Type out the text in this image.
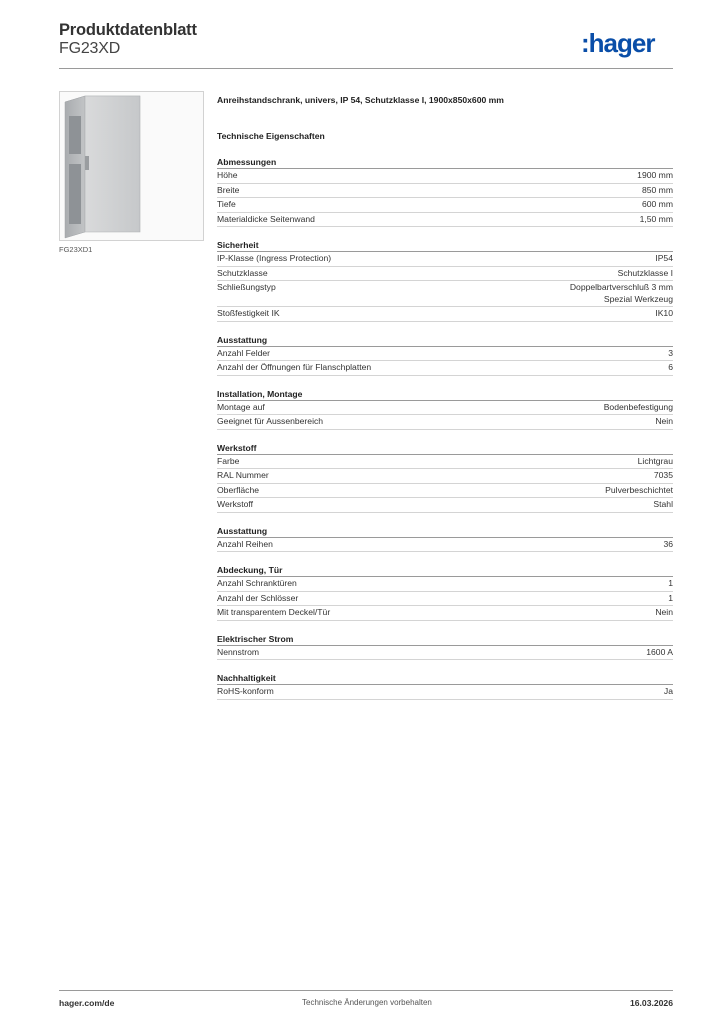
Produktdatenblatt
FG23XD	:hager
FG23XD1
Anreihstandschrank, univers, IP 54, Schutzklasse I, 1900x850x600 mm
Technische Eigenschaften
Abmessungen
Höhe	1900 mm
Breite	850 mm
Tiefe	600 mm
Materialdicke Seitenwand	1,50 mm
Sicherheit
IP-Klasse (Ingress Protection)	IP54
Schutzklasse	Schutzklasse I
Schließungstyp	Doppelbartverschluß 3 mm
Spezial Werkzeug
Stoßfestigkeit IK	IK10
Ausstattung
Anzahl Felder	3
Anzahl der Öffnungen für Flanschplatten	6
Installation, Montage
Montage auf	Bodenbefestigung
Geeignet für Aussenbereich	Nein
Werkstoff
Farbe	Lichtgrau
RAL Nummer	7035
Oberfläche	Pulverbeschichtet
Werkstoff	Stahl
Ausstattung
Anzahl Reihen	36
Abdeckung, Tür
Anzahl Schranktüren	1
Anzahl der Schlösser	1
Mit transparentem Deckel/Tür	Nein
Elektrischer Strom
Nennstrom	1600 A
Nachhaltigkeit
RoHS-konform	Ja
hager.com/de	Technische Änderungen vorbehalten	16.03.2026
